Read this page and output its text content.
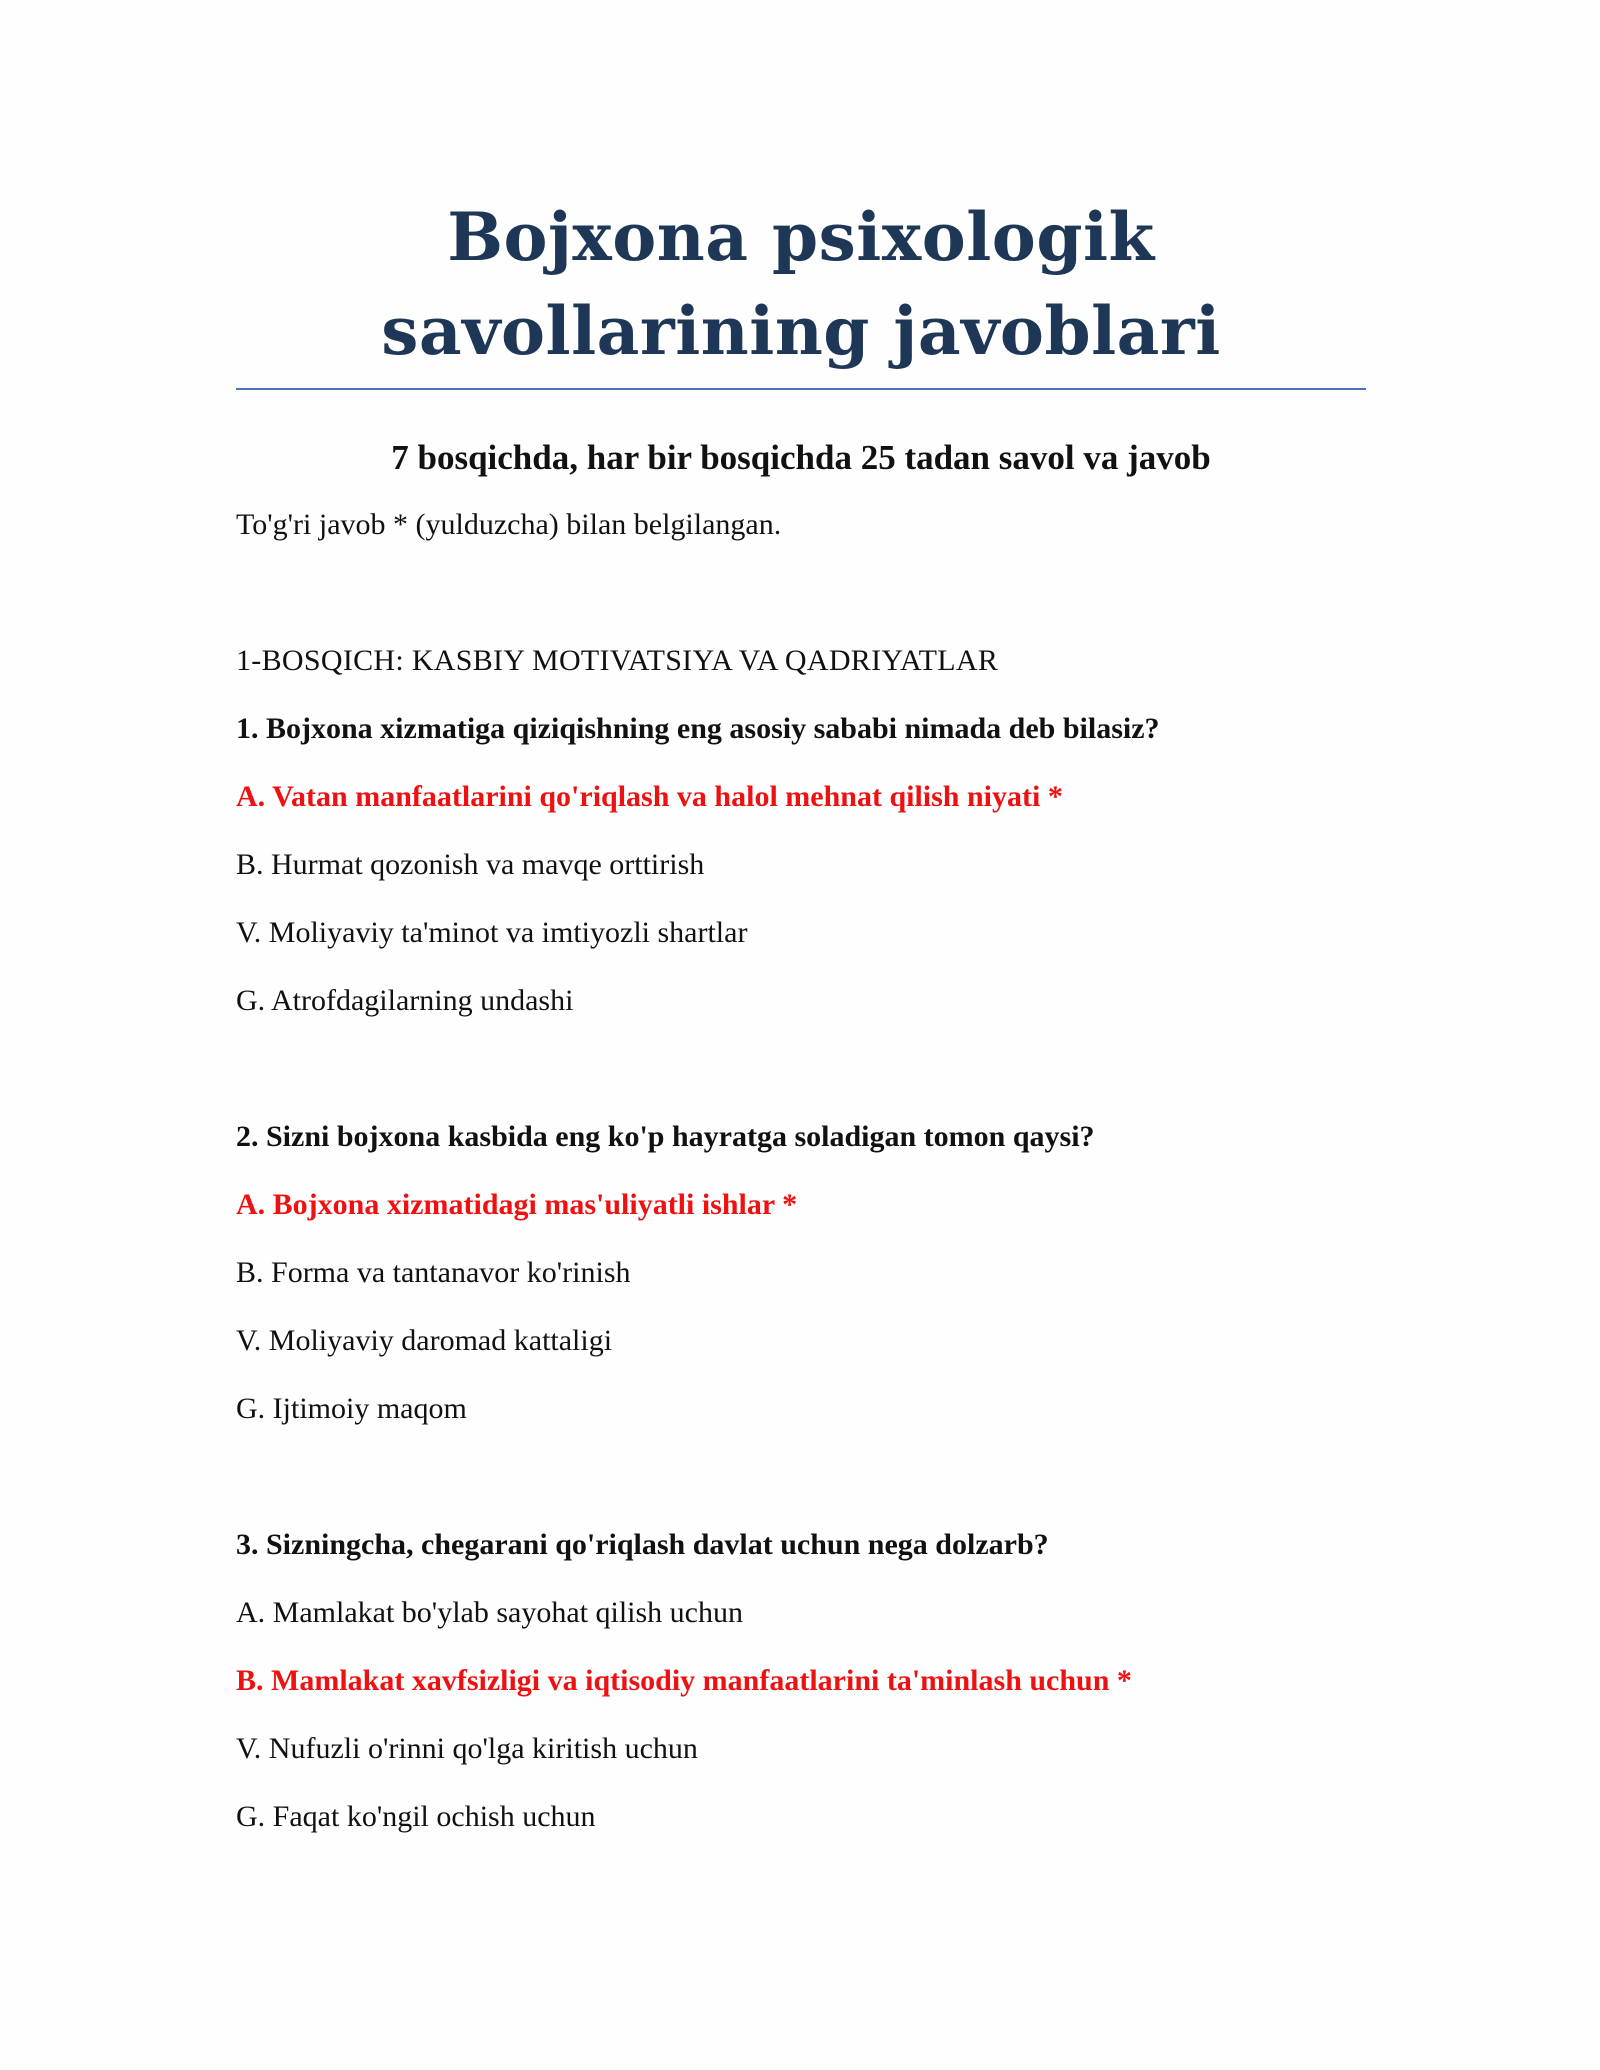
Bojxona psixologik
savollarining javoblari
7 bosqichda, har bir bosqichda 25 tadan savol va javob
To'g'ri javob * (yulduzcha) bilan belgilangan.
1-BOSQICH: KASBIY MOTIVATSIYA VA QADRIYATLAR
1. Bojxona xizmatiga qiziqishning eng asosiy sababi nimada deb bilasiz?
A. Vatan manfaatlarini qo'riqlash va halol mehnat qilish niyati *
B. Hurmat qozonish va mavqe orttirish
V. Moliyaviy ta'minot va imtiyozli shartlar
G. Atrofdagilarning undashi
2. Sizni bojxona kasbida eng ko'p hayratga soladigan tomon qaysi?
A. Bojxona xizmatidagi mas'uliyatli ishlar *
B. Forma va tantanavor ko'rinish
V. Moliyaviy daromad kattaligi
G. Ijtimoiy maqom
3. Sizningcha, chegarani qo'riqlash davlat uchun nega dolzarb?
A. Mamlakat bo'ylab sayohat qilish uchun
B. Mamlakat xavfsizligi va iqtisodiy manfaatlarini ta'minlash uchun *
V. Nufuzli o'rinni qo'lga kiritish uchun
G. Faqat ko'ngil ochish uchun
